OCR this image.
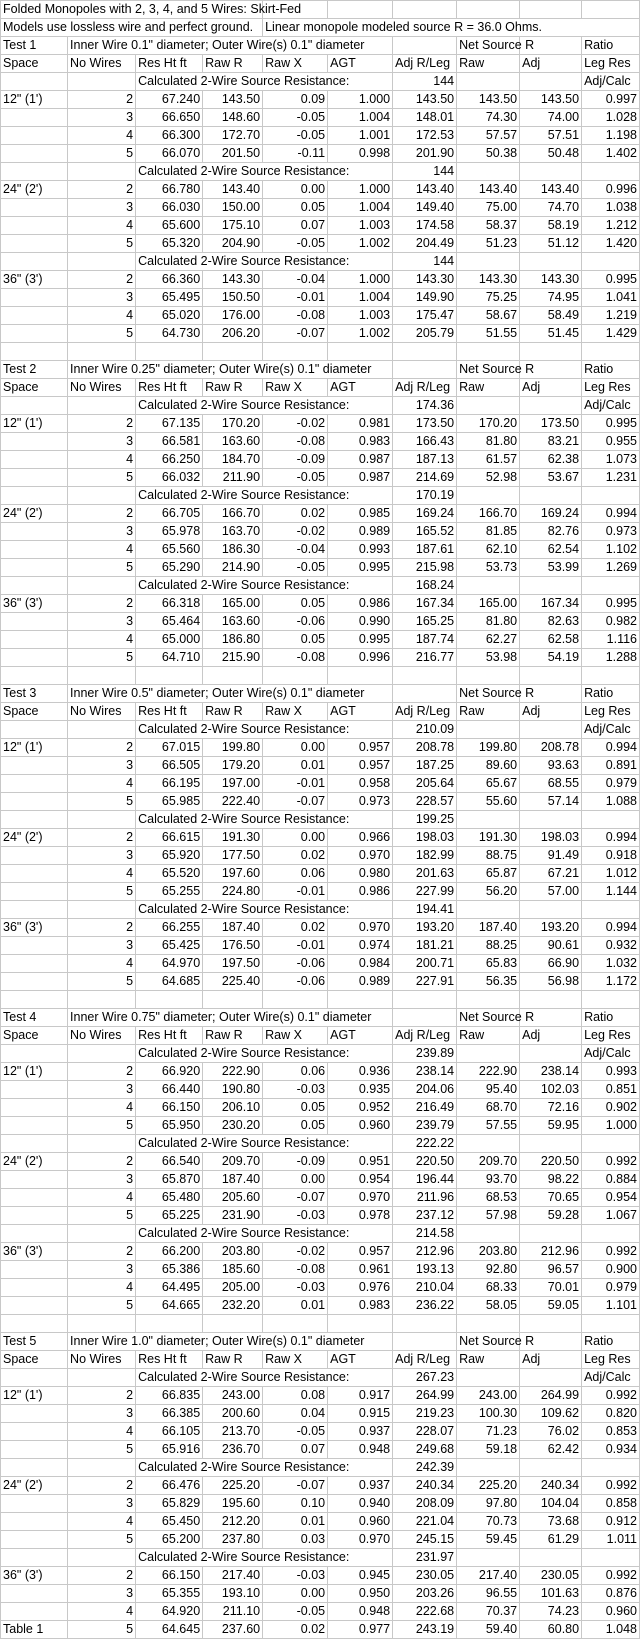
Folded Monopoles with 2, 3, 4, and 5 Wires: Skirt-Fed									
Models use lossless wire and perfect ground.				Linear monopole modeled source R = 36.0 Ohms.					
Test 1	Inner Wire 0.1" diameter; Outer Wire(s) 0.1" diameter						Net Source R		Ratio
Space	No Wires	Res Ht ft	Raw R	Raw X	AGT	Adj R/Leg	Raw	Adj	Leg Res
		Calculated 2-Wire Source Resistance:				144			Adj/Calc
12" (1')	2	67.240	143.50	0.09	1.000	143.50	143.50	143.50	0.997
	3	66.650	148.60	-0.05	1.004	148.01	74.30	74.00	1.028
	4	66.300	172.70	-0.05	1.001	172.53	57.57	57.51	1.198
	5	66.070	201.50	-0.11	0.998	201.90	50.38	50.48	1.402
		Calculated 2-Wire Source Resistance:				144			
24" (2')	2	66.780	143.40	0.00	1.000	143.40	143.40	143.40	0.996
	3	66.030	150.00	0.05	1.004	149.40	75.00	74.70	1.038
	4	65.600	175.10	0.07	1.003	174.58	58.37	58.19	1.212
	5	65.320	204.90	-0.05	1.002	204.49	51.23	51.12	1.420
		Calculated 2-Wire Source Resistance:				144			
36" (3')	2	66.360	143.30	-0.04	1.000	143.30	143.30	143.30	0.995
	3	65.495	150.50	-0.01	1.004	149.90	75.25	74.95	1.041
	4	65.020	176.00	-0.08	1.003	175.47	58.67	58.49	1.219
	5	64.730	206.20	-0.07	1.002	205.79	51.55	51.45	1.429

Test 2	Inner Wire 0.25" diameter; Outer Wire(s) 0.1" diameter						Net Source R		Ratio
Space	No Wires	Res Ht ft	Raw R	Raw X	AGT	Adj R/Leg	Raw	Adj	Leg Res
		Calculated 2-Wire Source Resistance:				174.36			Adj/Calc
12" (1')	2	67.135	170.20	-0.02	0.981	173.50	170.20	173.50	0.995
	3	66.581	163.60	-0.08	0.983	166.43	81.80	83.21	0.955
	4	66.250	184.70	-0.09	0.987	187.13	61.57	62.38	1.073
	5	66.032	211.90	-0.05	0.987	214.69	52.98	53.67	1.231
		Calculated 2-Wire Source Resistance:				170.19			
24" (2')	2	66.705	166.70	0.02	0.985	169.24	166.70	169.24	0.994
	3	65.978	163.70	-0.02	0.989	165.52	81.85	82.76	0.973
	4	65.560	186.30	-0.04	0.993	187.61	62.10	62.54	1.102
	5	65.290	214.90	-0.05	0.995	215.98	53.73	53.99	1.269
		Calculated 2-Wire Source Resistance:				168.24			
36" (3')	2	66.318	165.00	0.05	0.986	167.34	165.00	167.34	0.995
	3	65.464	163.60	-0.06	0.990	165.25	81.80	82.63	0.982
	4	65.000	186.80	0.05	0.995	187.74	62.27	62.58	1.116
	5	64.710	215.90	-0.08	0.996	216.77	53.98	54.19	1.288

Test 3	Inner Wire 0.5" diameter; Outer Wire(s) 0.1" diameter						Net Source R		Ratio
Space	No Wires	Res Ht ft	Raw R	Raw X	AGT	Adj R/Leg	Raw	Adj	Leg Res
		Calculated 2-Wire Source Resistance:				210.09			Adj/Calc
12" (1')	2	67.015	199.80	0.00	0.957	208.78	199.80	208.78	0.994
	3	66.505	179.20	0.01	0.957	187.25	89.60	93.63	0.891
	4	66.195	197.00	-0.01	0.958	205.64	65.67	68.55	0.979
	5	65.985	222.40	-0.07	0.973	228.57	55.60	57.14	1.088
		Calculated 2-Wire Source Resistance:				199.25			
24" (2')	2	66.615	191.30	0.00	0.966	198.03	191.30	198.03	0.994
	3	65.920	177.50	0.02	0.970	182.99	88.75	91.49	0.918
	4	65.520	197.60	0.06	0.980	201.63	65.87	67.21	1.012
	5	65.255	224.80	-0.01	0.986	227.99	56.20	57.00	1.144
		Calculated 2-Wire Source Resistance:				194.41			
36" (3')	2	66.255	187.40	0.02	0.970	193.20	187.40	193.20	0.994
	3	65.425	176.50	-0.01	0.974	181.21	88.25	90.61	0.932
	4	64.970	197.50	-0.06	0.984	200.71	65.83	66.90	1.032
	5	64.685	225.40	-0.06	0.989	227.91	56.35	56.98	1.172

Test 4	Inner Wire 0.75" diameter; Outer Wire(s) 0.1" diameter						Net Source R		Ratio
Space	No Wires	Res Ht ft	Raw R	Raw X	AGT	Adj R/Leg	Raw	Adj	Leg Res
		Calculated 2-Wire Source Resistance:				239.89			Adj/Calc
12" (1')	2	66.920	222.90	0.06	0.936	238.14	222.90	238.14	0.993
	3	66.440	190.80	-0.03	0.935	204.06	95.40	102.03	0.851
	4	66.150	206.10	0.05	0.952	216.49	68.70	72.16	0.902
	5	65.950	230.20	0.05	0.960	239.79	57.55	59.95	1.000
		Calculated 2-Wire Source Resistance:				222.22			
24" (2')	2	66.540	209.70	-0.09	0.951	220.50	209.70	220.50	0.992
	3	65.870	187.40	0.00	0.954	196.44	93.70	98.22	0.884
	4	65.480	205.60	-0.07	0.970	211.96	68.53	70.65	0.954
	5	65.225	231.90	-0.03	0.978	237.12	57.98	59.28	1.067
		Calculated 2-Wire Source Resistance:				214.58			
36" (3')	2	66.200	203.80	-0.02	0.957	212.96	203.80	212.96	0.992
	3	65.386	185.60	-0.08	0.961	193.13	92.80	96.57	0.900
	4	64.495	205.00	-0.03	0.976	210.04	68.33	70.01	0.979
	5	64.665	232.20	0.01	0.983	236.22	58.05	59.05	1.101

Test 5	Inner Wire 1.0" diameter; Outer Wire(s) 0.1" diameter						Net Source R		Ratio
Space	No Wires	Res Ht ft	Raw R	Raw X	AGT	Adj R/Leg	Raw	Adj	Leg Res
		Calculated 2-Wire Source Resistance:				267.23			Adj/Calc
12" (1')	2	66.835	243.00	0.08	0.917	264.99	243.00	264.99	0.992
	3	66.385	200.60	0.04	0.915	219.23	100.30	109.62	0.820
	4	66.105	213.70	-0.05	0.937	228.07	71.23	76.02	0.853
	5	65.916	236.70	0.07	0.948	249.68	59.18	62.42	0.934
		Calculated 2-Wire Source Resistance:				242.39			
24" (2')	2	66.476	225.20	-0.07	0.937	240.34	225.20	240.34	0.992
	3	65.829	195.60	0.10	0.940	208.09	97.80	104.04	0.858
	4	65.450	212.20	0.01	0.960	221.04	70.73	73.68	0.912
	5	65.200	237.80	0.03	0.970	245.15	59.45	61.29	1.011
		Calculated 2-Wire Source Resistance:				231.97			
36" (3')	2	66.150	217.40	-0.03	0.945	230.05	217.40	230.05	0.992
	3	65.355	193.10	0.00	0.950	203.26	96.55	101.63	0.876
	4	64.920	211.10	-0.05	0.948	222.68	70.37	74.23	0.960
Table 1	5	64.645	237.60	0.02	0.977	243.19	59.40	60.80	1.048
